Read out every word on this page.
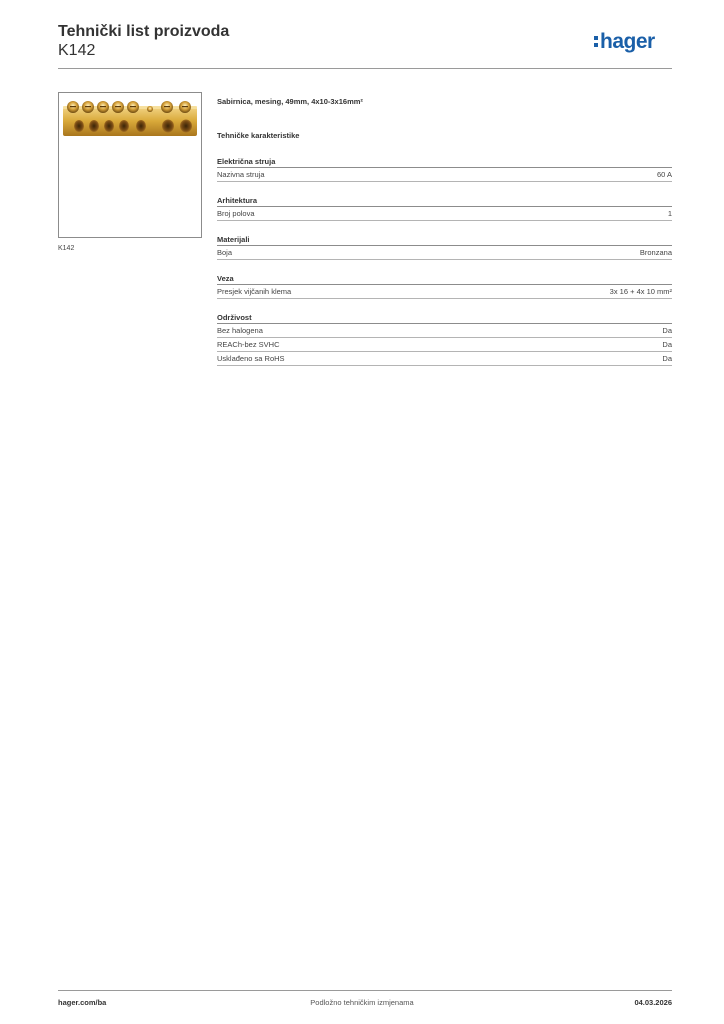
Tehnički list proizvoda
K142	hager
K142
Sabirnica, mesing, 49mm, 4x10-3x16mm²
Tehničke karakteristike
Električna struja
Nazivna struja	60 A
Arhitektura
Broj polova	1
Materijali
Boja	Bronzana
Veza
Presjek vijčanih klema	3x 16 + 4x 10 mm²
Održivost
Bez halogena	Da
REACh-bez SVHC	Da
Usklađeno sa RoHS	Da
hager.com/ba	Podložno tehničkim izmjenama	04.03.2026
